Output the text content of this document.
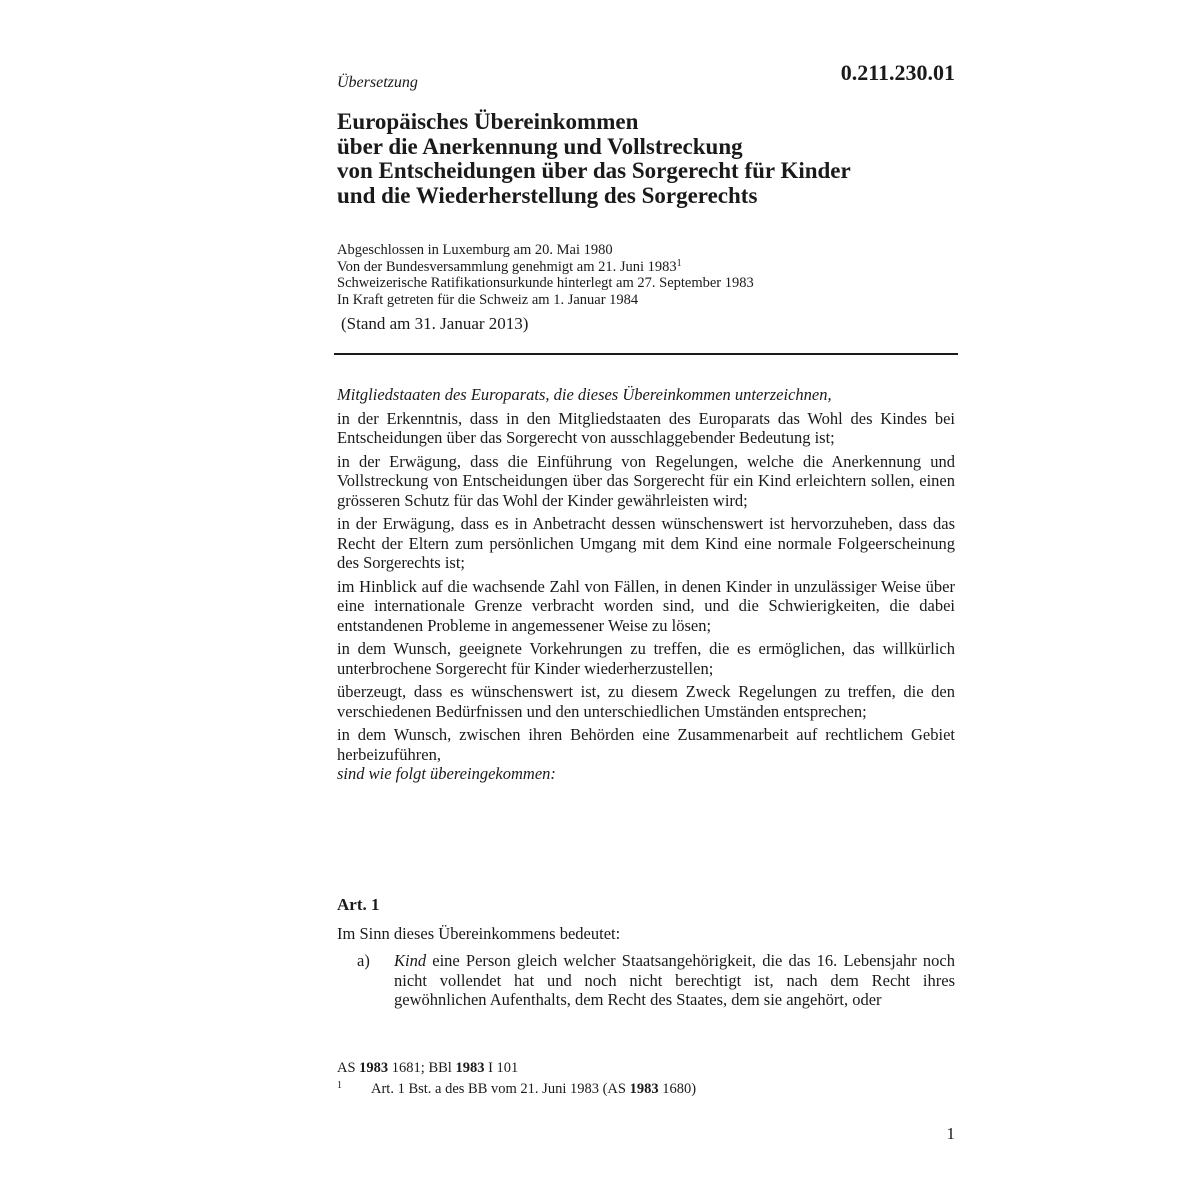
0.211.230.01
Übersetzung
Europäisches Übereinkommen
über die Anerkennung und Vollstreckung
von Entscheidungen über das Sorgerecht für Kinder
und die Wiederherstellung des Sorgerechts
Abgeschlossen in Luxemburg am 20. Mai 1980
Von der Bundesversammlung genehmigt am 21. Juni 1983$^1$
Schweizerische Ratifikationsurkunde hinterlegt am 27. September 1983
In Kraft getreten für die Schweiz am 1. Januar 1984
(Stand am 31. Januar 2013)

Mitgliedstaaten des Europarats, die dieses Übereinkommen unterzeichnen,

in der Erkenntnis, dass in den Mitgliedstaaten des Europarats das Wohl des Kindes bei Entscheidungen über das Sorgerecht von ausschlaggebender Bedeutung ist;

in der Erwägung, dass die Einführung von Regelungen, welche die Anerkennung und Vollstreckung von Entscheidungen über das Sorgerecht für ein Kind erleichtern sollen, einen grösseren Schutz für das Wohl der Kinder gewährleisten wird;

in der Erwägung, dass es in Anbetracht dessen wünschenswert ist hervorzuheben, dass das Recht der Eltern zum persönlichen Umgang mit dem Kind eine normale Folgeerscheinung des Sorgerechts ist;

im Hinblick auf die wachsende Zahl von Fällen, in denen Kinder in unzulässiger Weise über eine internationale Grenze verbracht worden sind, und die Schwierigkeiten, die dabei entstandenen Probleme in angemessener Weise zu lösen;

in dem Wunsch, geeignete Vorkehrungen zu treffen, die es ermöglichen, das willkürlich unterbrochene Sorgerecht für Kinder wiederherzustellen;

überzeugt, dass es wünschenswert ist, zu diesem Zweck Regelungen zu treffen, die den verschiedenen Bedürfnissen und den unterschiedlichen Umständen entsprechen;

in dem Wunsch, zwischen ihren Behörden eine Zusammenarbeit auf rechtlichem Gebiet herbeizuführen,

sind wie folgt übereingekommen:

Art. 1
Im Sinn dieses Übereinkommens bedeutet:
a) Kind eine Person gleich welcher Staatsangehörigkeit, die das 16. Lebensjahr noch nicht vollendet hat und noch nicht berechtigt ist, nach dem Recht ihres gewöhnlichen Aufenthalts, dem Recht des Staates, dem sie angehört, oder
AS 1983 1681; BBl 1983 I 101
1 Art. 1 Bst. a des BB vom 21. Juni 1983 (AS 1983 1680)
1
